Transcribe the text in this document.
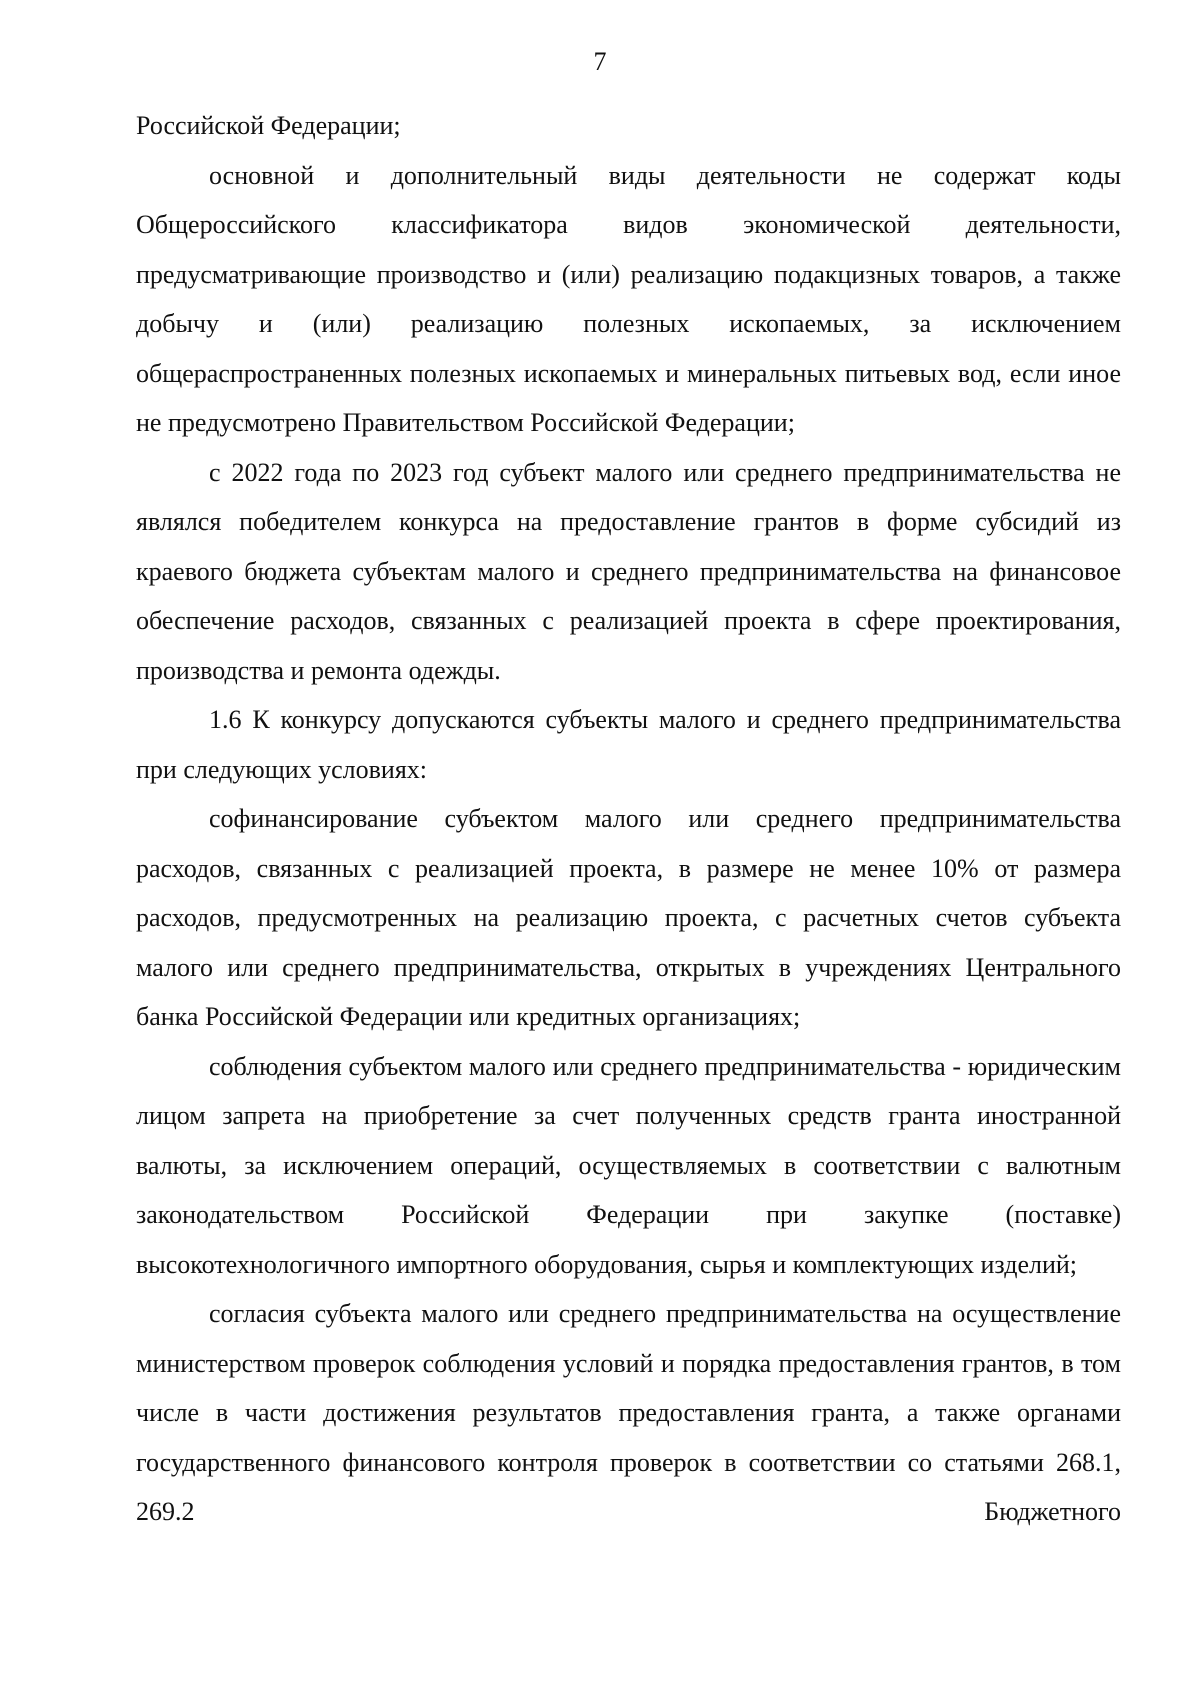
7

Российской Федерации;

основной и дополнительный виды деятельности не содержат коды Общероссийского классификатора видов экономической деятельности, предусматривающие производство и (или) реализацию подакцизных товаров, а также добычу и (или) реализацию полезных ископаемых, за исключением общераспространенных полезных ископаемых и минеральных питьевых вод, если иное не предусмотрено Правительством Российской Федерации;

с 2022 года по 2023 год субъект малого или среднего предпринимательства не являлся победителем конкурса на предоставление грантов в форме субсидий из краевого бюджета субъектам малого и среднего предпринимательства на финансовое обеспечение расходов, связанных с реализацией проекта в сфере проектирования, производства и ремонта одежды.

1.6 К конкурсу допускаются субъекты малого и среднего предпринимательства при следующих условиях:

софинансирование субъектом малого или среднего предпринимательства расходов, связанных с реализацией проекта, в размере не менее 10% от размера расходов, предусмотренных на реализацию проекта, с расчетных счетов субъекта малого или среднего предпринимательства, открытых в учреждениях Центрального банка Российской Федерации или кредитных организациях;

соблюдения субъектом малого или среднего предпринимательства - юридическим лицом запрета на приобретение за счет полученных средств гранта иностранной валюты, за исключением операций, осуществляемых в соответствии с валютным законодательством Российской Федерации при закупке (поставке) высокотехнологичного импортного оборудования, сырья и комплектующих изделий;

согласия субъекта малого или среднего предпринимательства на осуществление министерством проверок соблюдения условий и порядка предоставления грантов, в том числе в части достижения результатов предоставления гранта, а также органами государственного финансового контроля проверок в соответствии со статьями 268.1, 269.2 Бюджетного
